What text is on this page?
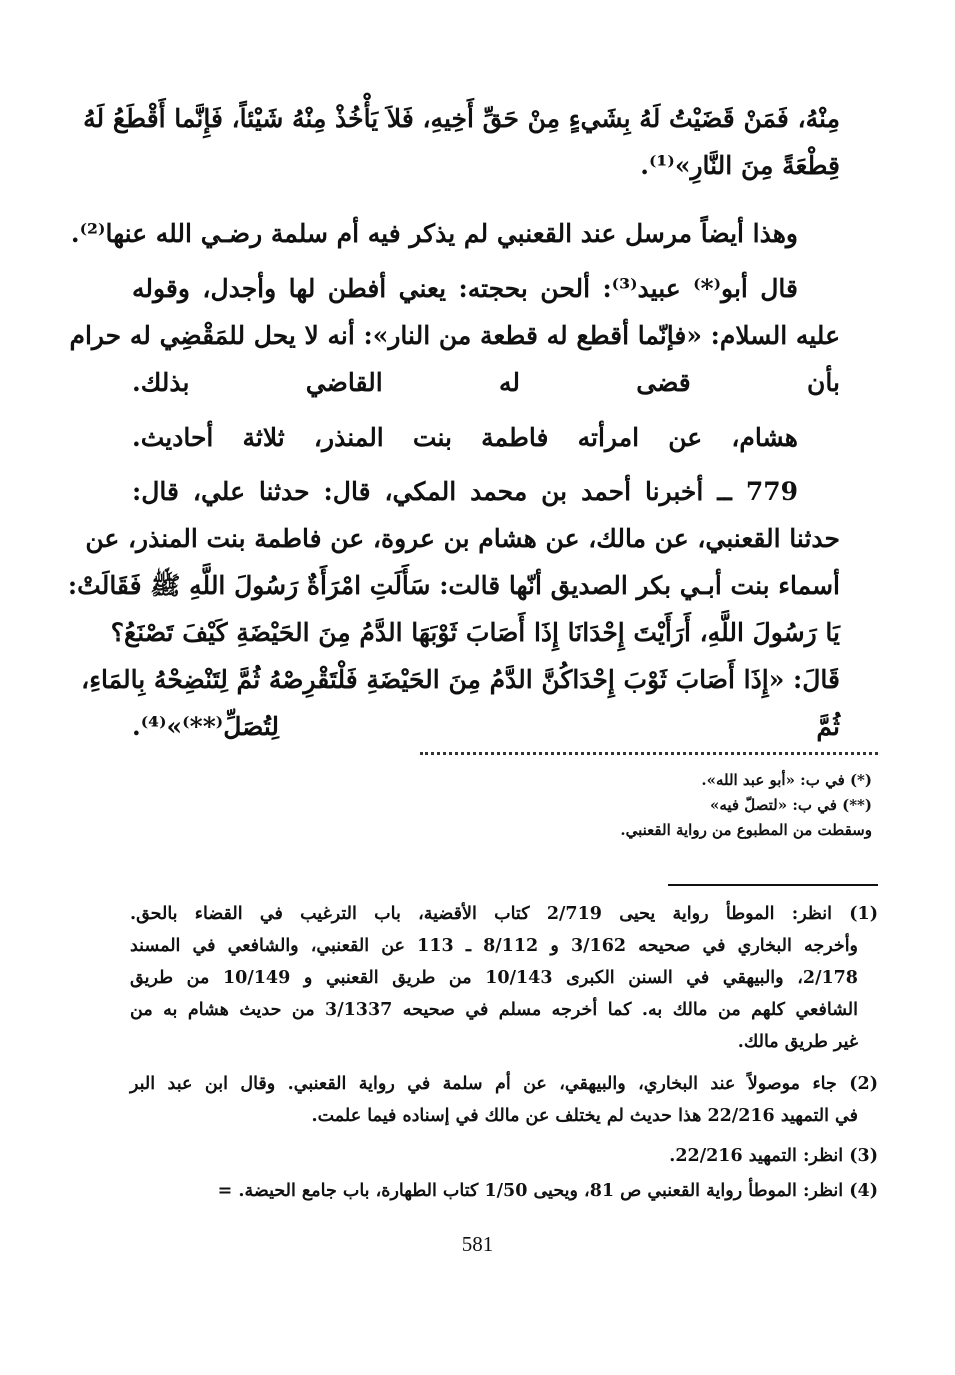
مِنْهُ، فَمَنْ قَضَيْتُ لَهُ بِشَيءٍ مِنْ حَقِّ أَخِيهِ، فَلاَ يَأْخُذْ مِنْهُ شَيْئاً، فَإِنَّما أَقْطَعُ لَهُ
قِطْعَةً مِنَ النَّارِ»⁽¹⁾.
وهذا أيضاً مرسل عند القعنبي لم يذكر فيه أم سلمة رضـي الله عنها⁽²⁾.
قال أبو⁽*⁾ عبيد⁽³⁾: ألحن بحجته: يعني أفطن لها وأجدل، وقوله
عليه السلام: «فإنّما أقطع له قطعة من النار»: أنه لا يحل للمَقْضِي له حرام
بأن قضى له القاضي بذلك.
هشام، عن امرأته فاطمة بنت المنذر، ثلاثة أحاديث.
779 ــ أخبرنا أحمد بن محمد المكي، قال: حدثنا علي، قال:
حدثنا القعنبي، عن مالك، عن هشام بن عروة، عن فاطمة بنت المنذر، عن
أسماء بنت أبـي بكر الصديق أنّها قالت: سَأَلَتِ امْرَأَةٌ رَسُولَ اللَّهِ ﷺ فَقَالَتْ:
يَا رَسُولَ اللَّهِ، أَرَأَيْتَ إِحْدَانَا إِذَا أَصَابَ ثَوْبَهَا الدَّمُ مِنَ الحَيْضَةِ كَيْفَ تَصْنَعُ؟
قَالَ: «إِذَا أَصَابَ ثَوْبَ إِحْدَاكُنَّ الدَّمُ مِنَ الحَيْضَةِ فَلْتَقْرِصْهُ ثُمَّ لِتَنْضِحْهُ بِالمَاءِ،
ثُمَّ لِتُصَلِّ⁽**⁾»⁽⁴⁾.
(*) في ب: «أبو عبد الله».
(**) في ب: «لتصلّ فيه»
وسقطت من المطبوع من رواية القعنبي.
(1) انظر: الموطأ رواية يحيى 2/719 كتاب الأقضية، باب الترغيب في القضاء بالحق.
وأخرجه البخاري في صحيحه 3/162 و 8/112 ـ 113 عن القعنبي، والشافعي في المسند
2/178، والبيهقي في السنن الكبرى 10/143 من طريق القعنبي و 10/149 من طريق
الشافعي كلهم من مالك به. كما أخرجه مسلم في صحيحه 3/1337 من حديث هشام به من
غير طريق مالك.
(2) جاء موصولاً عند البخاري، والبيهقي، عن أم سلمة في رواية القعنبي. وقال ابن عبد البر
في التمهيد 22/216 هذا حديث لم يختلف عن مالك في إسناده فيما علمت.
(3) انظر: التمهيد 22/216.
(4) انظر: الموطأ رواية القعنبي ص 81، ويحيى 1/50 كتاب الطهارة، باب جامع الحيضة. =
581
